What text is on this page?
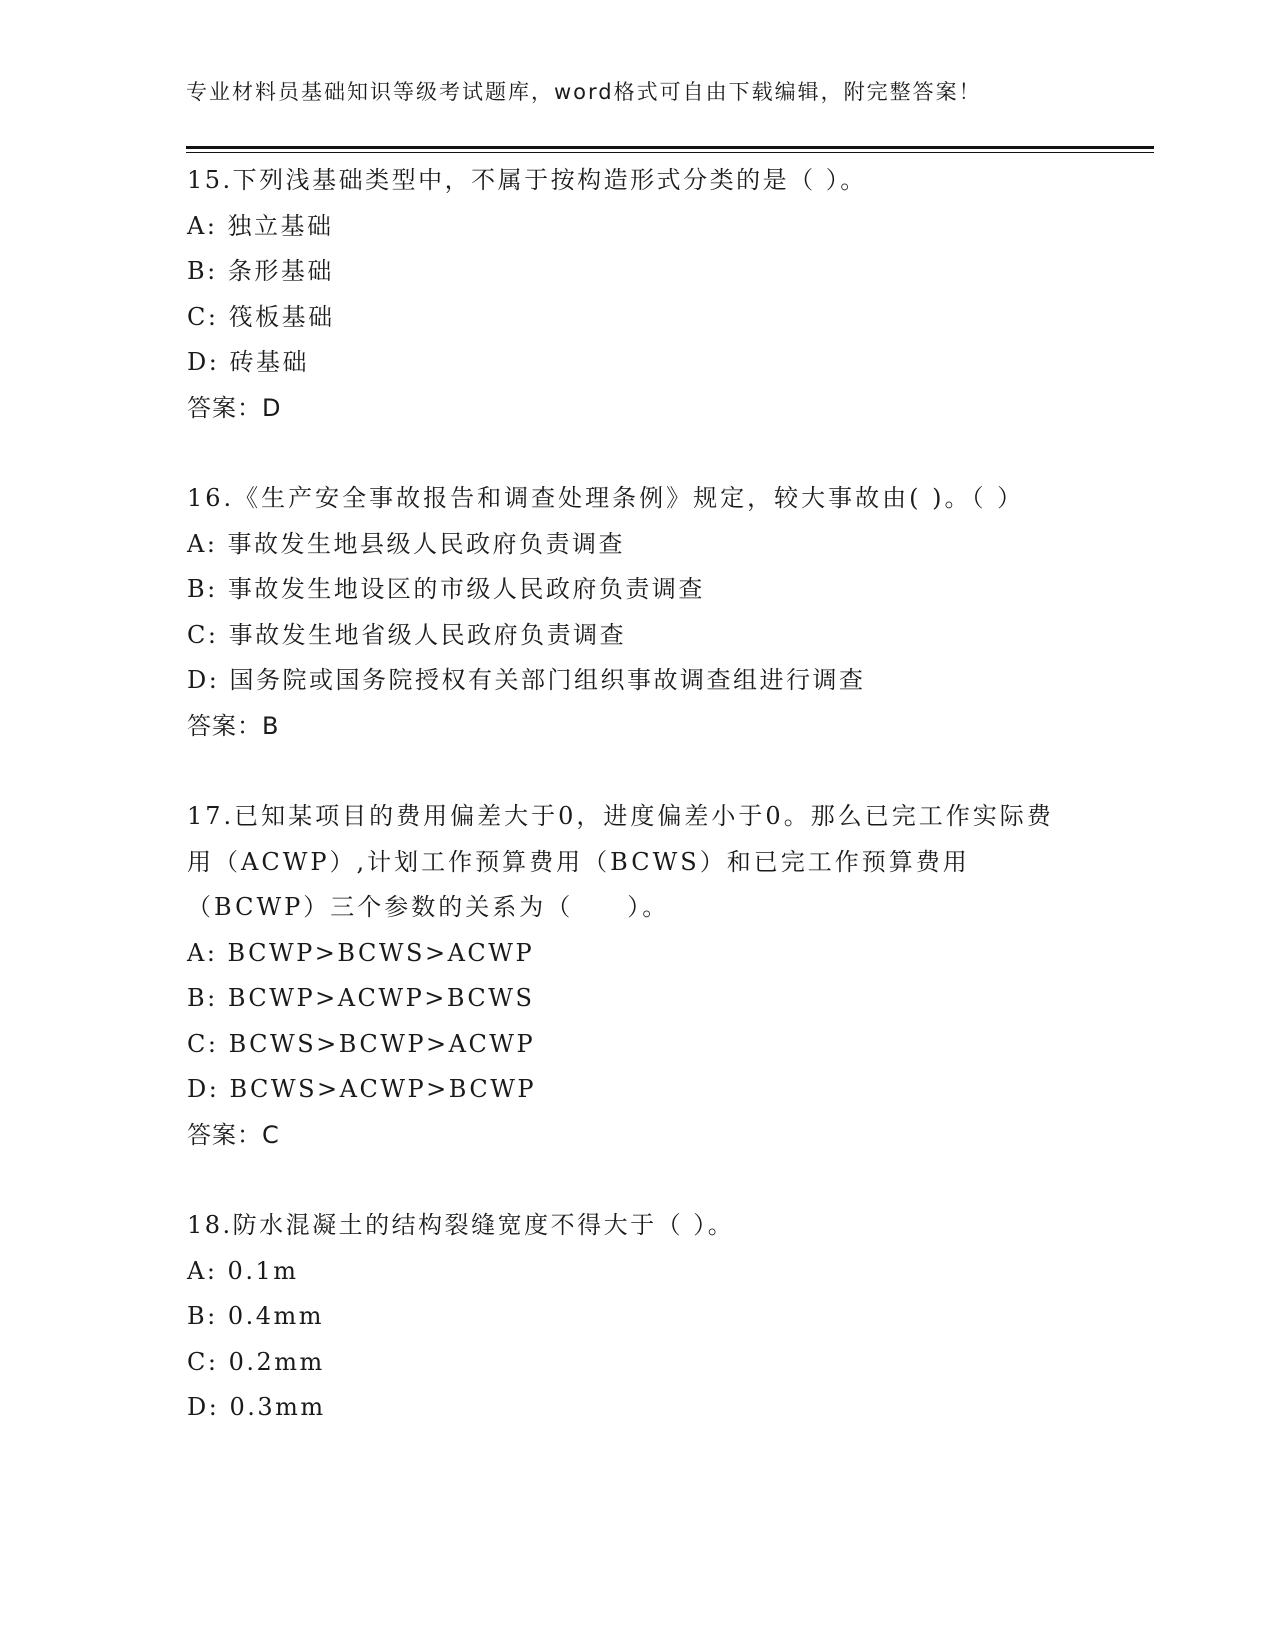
专业材料员基础知识等级考试题库，word格式可自由下载编辑，附完整答案！
15.下列浅基础类型中，不属于按构造形式分类的是（ ）。
A: 独立基础
B: 条形基础
C: 筏板基础
D: 砖基础
答案：D
16.《生产安全事故报告和调查处理条例》规定，较大事故由( )。（ ）
A: 事故发生地县级人民政府负责调查
B: 事故发生地设区的市级人民政府负责调查
C: 事故发生地省级人民政府负责调查
D: 国务院或国务院授权有关部门组织事故调查组进行调查
答案：B
17.已知某项目的费用偏差大于0，进度偏差小于0。那么已完工作实际费用（ACWP）,计划工作预算费用（BCWS）和已完工作预算费用（BCWP）三个参数的关系为（　　）。
A: BCWP>BCWS>ACWP
B: BCWP>ACWP>BCWS
C: BCWS>BCWP>ACWP
D: BCWS>ACWP>BCWP
答案：C
18.防水混凝土的结构裂缝宽度不得大于（ ）。
A: 0.1m
B: 0.4mm
C: 0.2mm
D: 0.3mm
